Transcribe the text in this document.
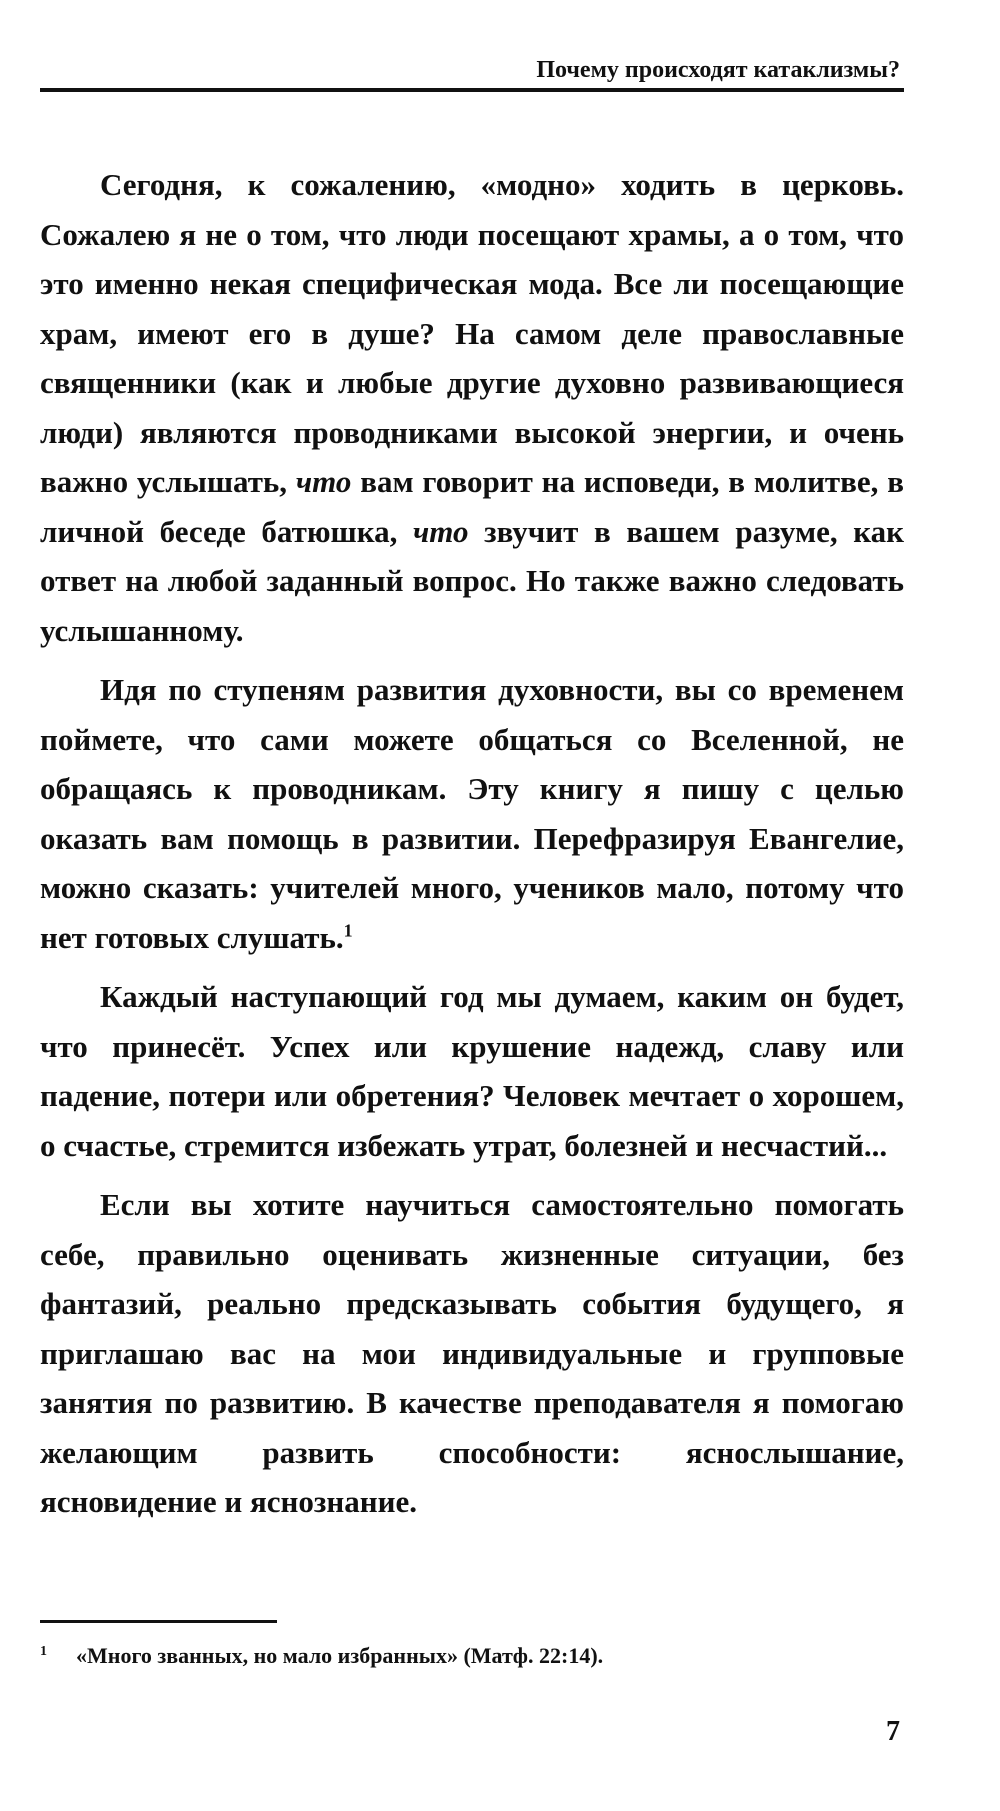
Почему происходят катаклизмы?

Сегодня, к сожалению, «модно» ходить в церковь. Сожалею я не о том, что люди посещают храмы, а о том, что это именно некая специфическая мода. Все ли посещающие храм, имеют его в душе? На самом деле православные священники (как и любые другие духовно развивающиеся люди) являются проводниками высокой энергии, и очень важно услышать, что вам говорит на исповеди, в молитве, в личной беседе батюшка, что звучит в вашем разуме, как ответ на любой заданный вопрос. Но также важно следовать услышанному.

Идя по ступеням развития духовности, вы со временем поймете, что сами можете общаться со Вселенной, не обращаясь к проводникам. Эту книгу я пишу с целью оказать вам помощь в развитии. Перефразируя Евангелие, можно сказать: учителей много, учеников мало, потому что нет готовых слушать.$^1$

Каждый наступающий год мы думаем, каким он будет, что принесёт. Успех или крушение надежд, славу или падение, потери или обретения? Человек мечтает о хорошем, о счастье, стремится избежать утрат, болезней и несчастий...

Если вы хотите научиться самостоятельно помогать себе, правильно оценивать жизненные ситуации, без фантазий, реально предсказывать события будущего, я приглашаю вас на мои индивидуальные и групповые занятия по развитию. В качестве преподавателя я помогаю желающим развить способности: яснослышание, ясновидение и яснознание.

1 «Много званных, но мало избранных» (Матф. 22:14).
7
